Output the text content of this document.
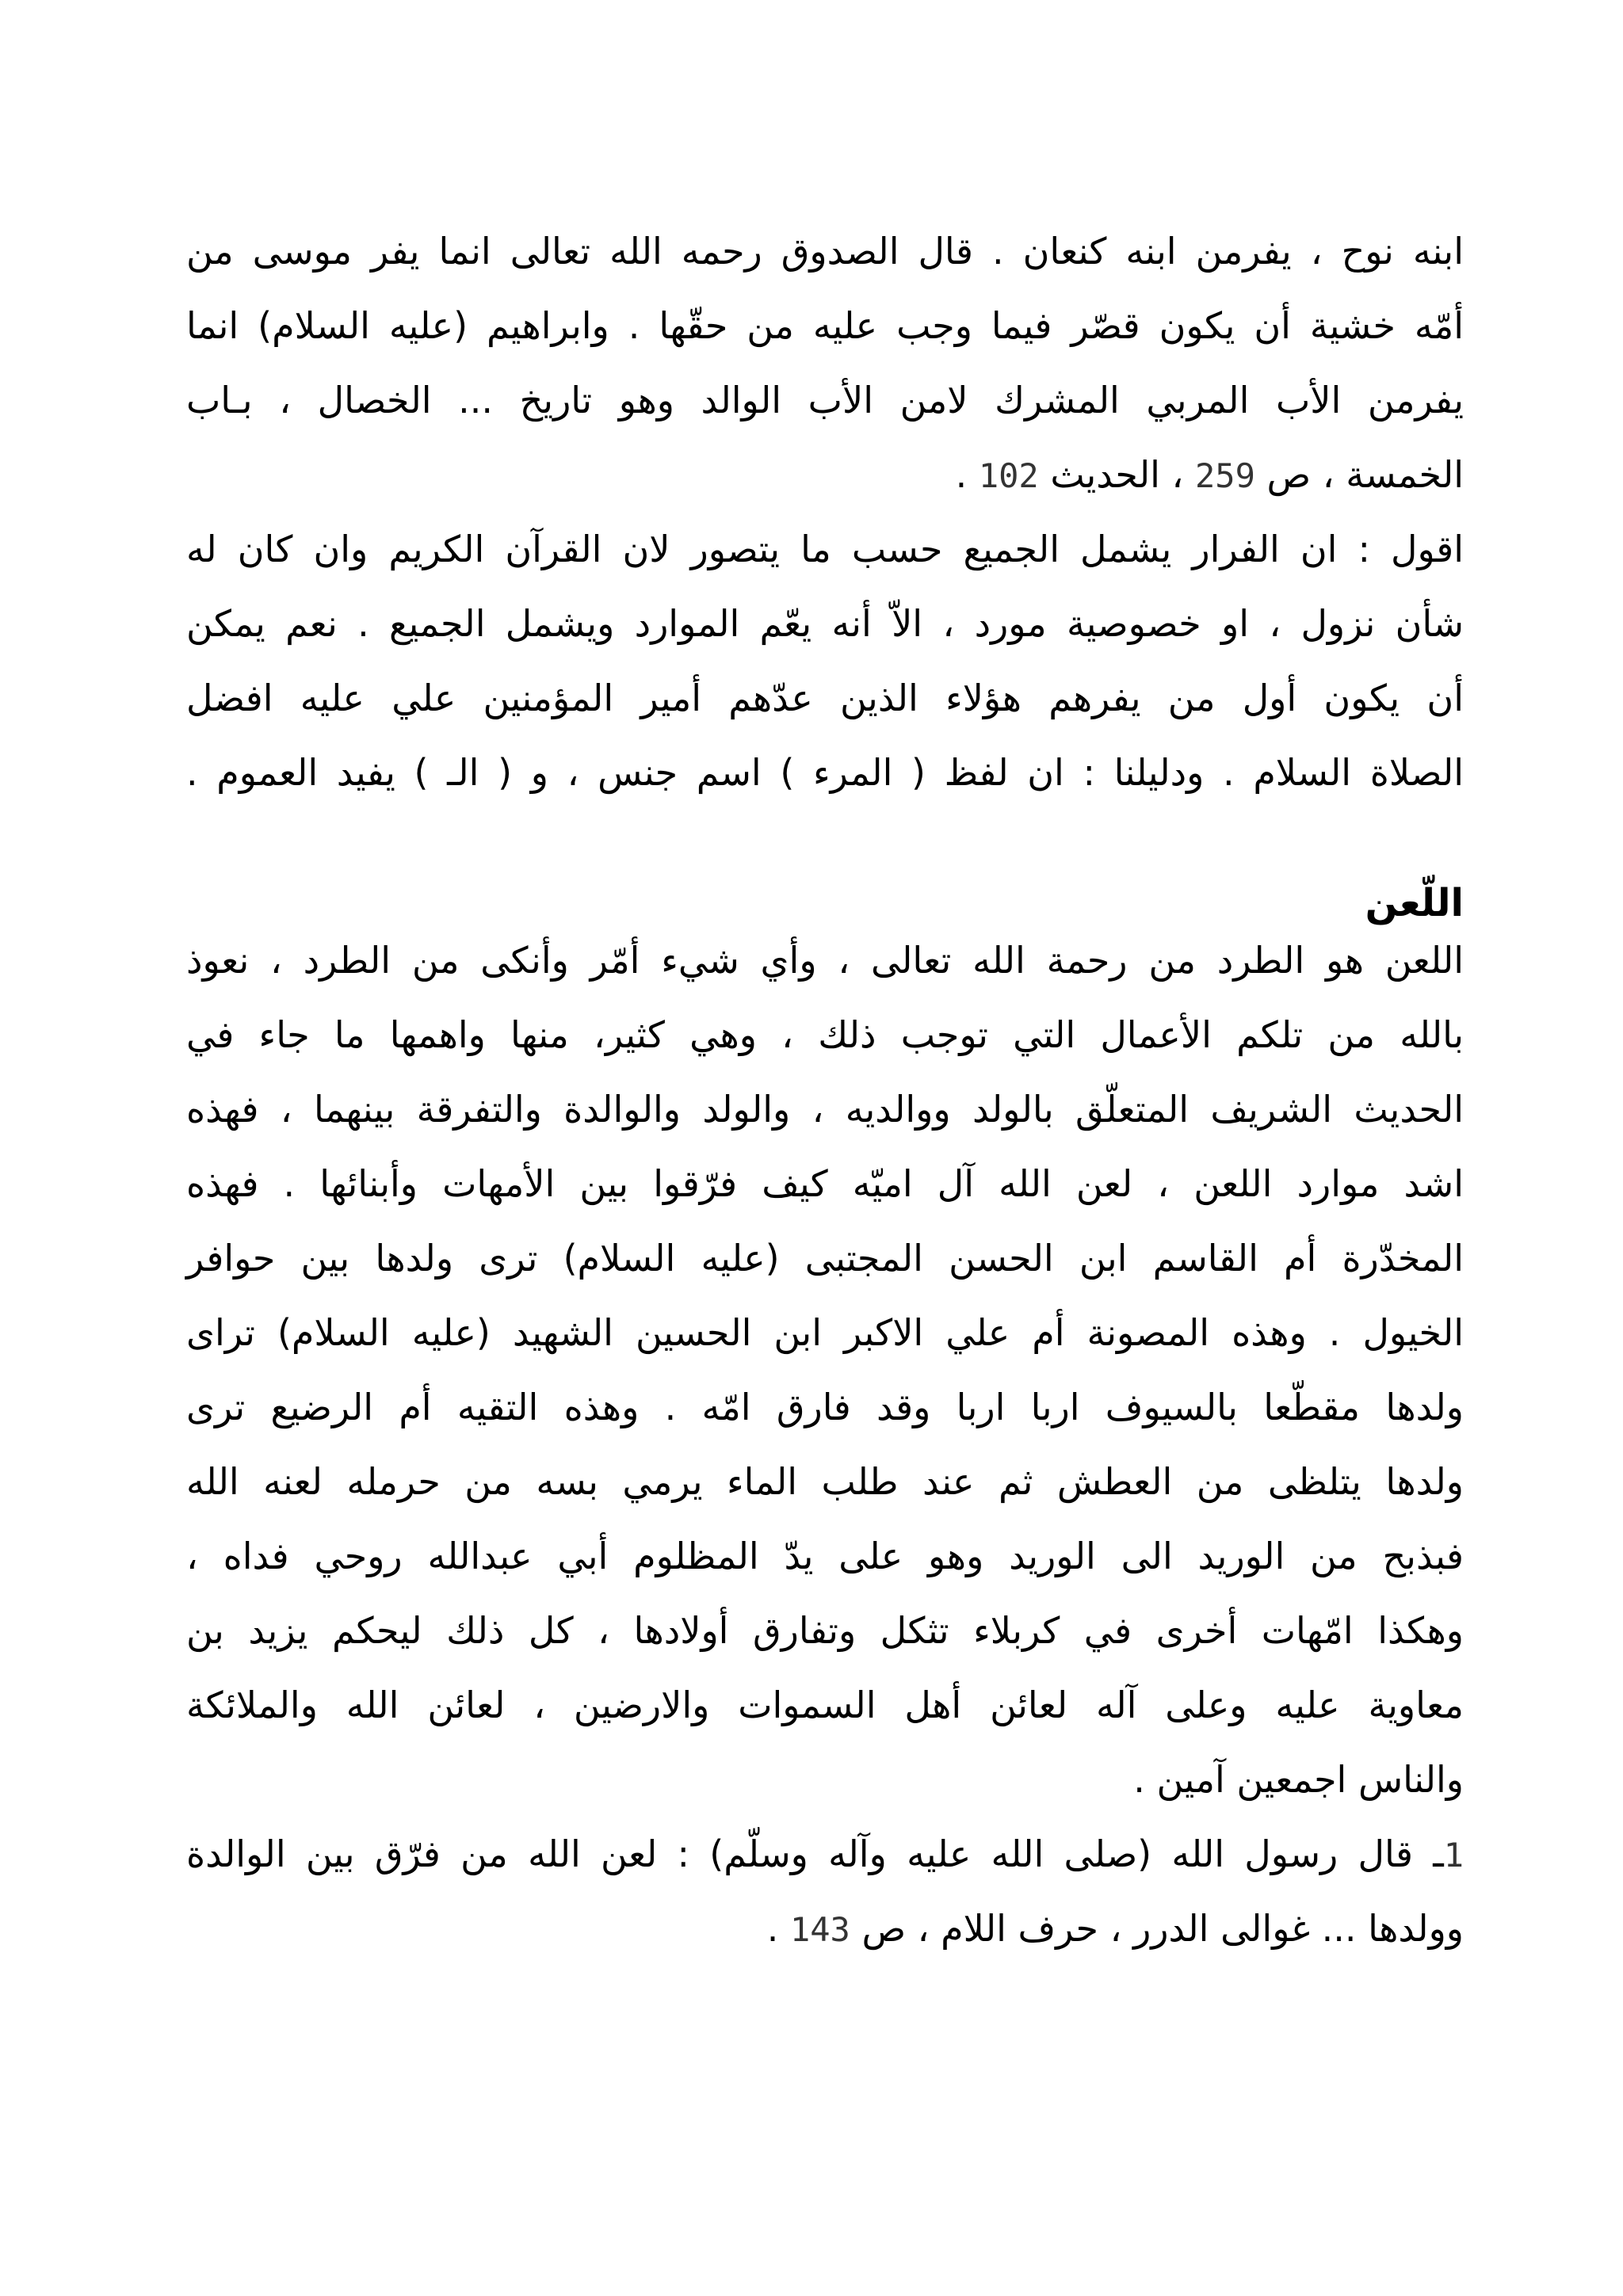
ابنه نوح ، يفرمن ابنه كنعان . قال الصدوق رحمه الله تعالى انما يفر موسى من
أمّه خشية أن يكون قصّر فيما وجب عليه من حقّها . وابراهيم (عليه السلام) انما
يفرمن الأب المربي المشرك لامن الأب الوالد وهو تاريخ ... الخصال ، بـاب
الخمسة ، ص 259 ، الحديث 102 .
اقول : ان الفرار يشمل الجميع حسب ما يتصور لان القرآن الكريم وان كان له
شأن نزول ، او خصوصية مورد ، الاّ أنه يعّم الموارد ويشمل الجميع . نعم يمكن
أن يكون أول من يفرهم هؤلاء الذين عدّهم أمير المؤمنين علي عليه افضل
الصلاة السلام . ودليلنا : ان لفظ ( المرء ) اسم جنس ، و ( الـ ) يفيد العموم .
اللّعن
اللعن هو الطرد من رحمة الله تعالى ، وأي شيء أمّر وأنكى من الطرد ، نعوذ
بالله من تلكم الأعمال التي توجب ذلك ، وهي كثير، منها واهمها ما جاء في
الحديث الشريف المتعلّق بالولد ووالديه ، والولد والوالدة والتفرقة بينهما ، فهذه
اشد موارد اللعن ، لعن الله آل اميّه كيف فرّقوا بين الأمهات وأبنائها . فهذه
المخدّرة أم القاسم ابن الحسن المجتبى (عليه السلام) ترى ولدها بين حوافر
الخيول . وهذه المصونة أم علي الاكبر ابن الحسين الشهيد (عليه السلام) ترای
ولدها مقطّعا بالسيوف اربا اربا وقد فارق امّه . وهذه التقيه أم الرضيع ترى
ولدها يتلظى من العطش ثم عند طلب الماء يرمي بسه من حرمله لعنه الله
فبذبح من الوريد الى الوريد وهو على يدّ المظلوم أبي عبدالله روحي فداه ،
وهكذا امّهات أخرى في كربلاء تثكل وتفارق أولادها ، كل ذلك ليحكم يزيد بن
معاوية عليه وعلى آله لعائن أهل السموات والارضين ، لعائن الله والملائكة
والناس اجمعين آمين .
1ـ قال رسول الله (صلى الله عليه وآله وسلّم) : لعن الله من فرّق بين الوالدة
وولدها ... غوالى الدرر ، حرف اللام ، ص 143 .
